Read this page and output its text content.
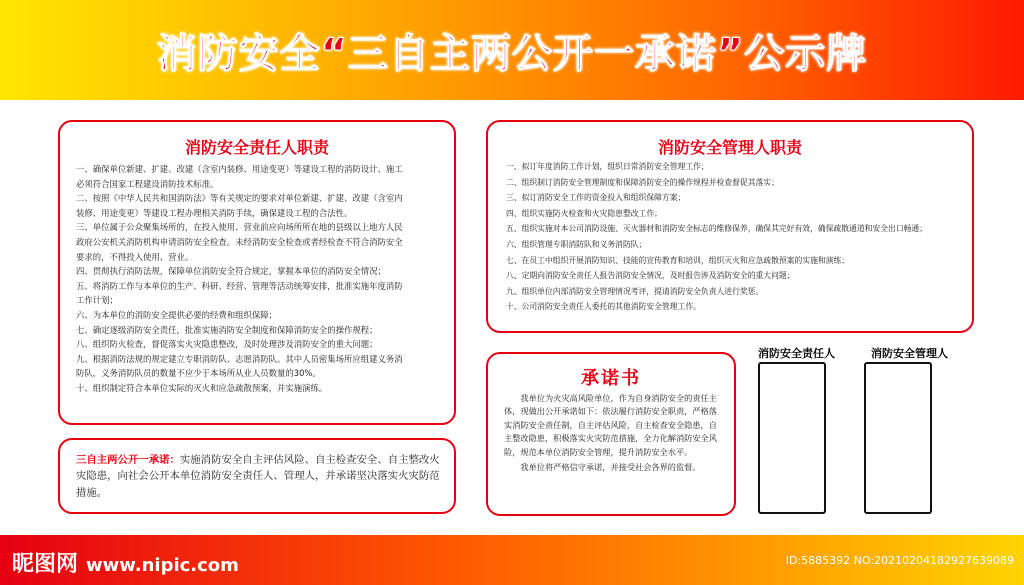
消防安全“三自主两公开一承诺”公示牌
消防安全责任人职责
一、确保单位新建、扩建、改建（含室内装修、用途变更）等建设工程的消防设计、施工
必须符合国家工程建设消防技术标准。
二、按照《中华人民共和国消防法》等有关规定的要求对单位新建、扩建、改建（含室内
装修、用途变更）等建设工程办理相关消防手续，确保建设工程的合法性。
三、单位属于公众聚集场所的，在投入使用、营业前应向场所所在地的县级以上地方人民
政府公安机关消防机构申请消防安全检查。未经消防安全检查或者经检查不符合消防安全
要求的，不得投入使用、营业。
四、贯彻执行消防法规，保障单位消防安全符合规定，掌握本单位的消防安全情况；
五、将消防工作与本单位的生产、科研、经营、管理等活动统筹安排，批准实施年度消防
工作计划；
六、为本单位的消防安全提供必要的经费和组织保障；
七、确定逐级消防安全责任，批准实施消防安全制度和保障消防安全的操作规程；
八、组织防火检查，督促落实火灾隐患整改，及时处理涉及消防安全的重大问题；
九、根据消防法规的规定建立专职消防队、志愿消防队。其中人员密集场所应组建义务消
防队，义务消防队员的数量不应少于本场所从业人员数量的30%。
十、组织制定符合本单位实际的灭火和应急疏散预案，并实施演练。
三自主两公开一承诺：实施消防安全自主评估风险、自主检查安全、自主整改火灾隐患，向社会公开本单位消防安全责任人、管理人，并承诺坚决落实火灾防范措施。
消防安全管理人职责
一、拟订年度消防工作计划，组织日常消防安全管理工作；
二、组织制订消防安全管理制度和保障消防安全的操作规程并检查督促其落实；
三、拟订消防安全工作的资金投入和组织保障方案；
四、组织实施防火检查和火灾隐患整改工作；
五、组织实施对本公司消防设施、灭火器材和消防安全标志的维修保养，确保其完好有效，确保疏散通道和安全出口畅通；
六、组织管理专职消防队和义务消防队；
七、在员工中组织开展消防知识、技能的宣传教育和培训，组织灭火和应急疏散预案的实施和演练；
八、定期向消防安全责任人报告消防安全情况，及时报告涉及消防安全的重大问题；
九、组织单位内部消防安全管理情况考评，提请消防安全负责人进行奖惩。
十、公司消防安全责任人委托的其他消防安全管理工作。
承诺书
我单位为火灾高风险单位，作为自身消防安全的责任主体，现做出公开承诺如下：依法履行消防安全职责，严格落实消防安全责任制，自主评估风险，自主检查安全隐患，自主整改隐患，积极落实火灾防范措施，全力化解消防安全风险，规范本单位消防安全管理，提升消防安全水平。
我单位将严格信守承诺，并接受社会各界的监督。
消防安全责任人	消防安全管理人
昵图网 www.nipic.com	ID:5885392 NO:20210204182927639089
